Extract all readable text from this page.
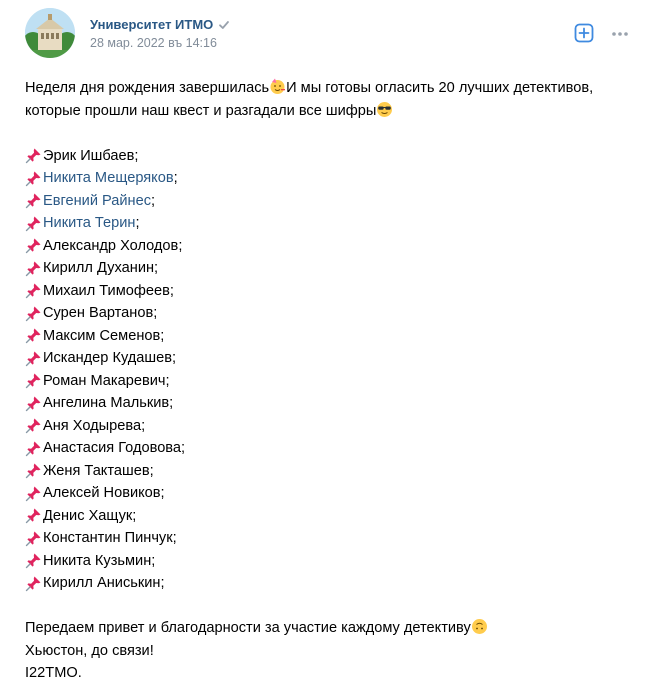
Университет ИТМО
28 мар. 2022 въ 14:16

Неделя дня рождения завершилась И мы готовы огласить 20 лучших детективов,

которые прошли наш квест и разгадали все шифры

Эрик Ишбаев ;
Никита Мещеряков ;
Евгений Райнес ;
Никита Терин ;
Александр Холодов ;
Кирилл Духанин ;
Михаил Тимофеев ;
Сурен Вартанов ;
Максим Семенов ;
Искандер Кудашев ;
Роман Макаревич ;
Ангелина Малькив ;
Аня Ходырева ;
Анастасия Годовова ;
Женя Такташев ;
Алексей Новиков ;
Денис Хащук ;
Константин Пинчук ;
Никита Кузьмин ;
Кирилл Аниськин ;

Передаем привет и благодарности за участие каждому детективу

Хьюстон, до связи!

I22TMO.
